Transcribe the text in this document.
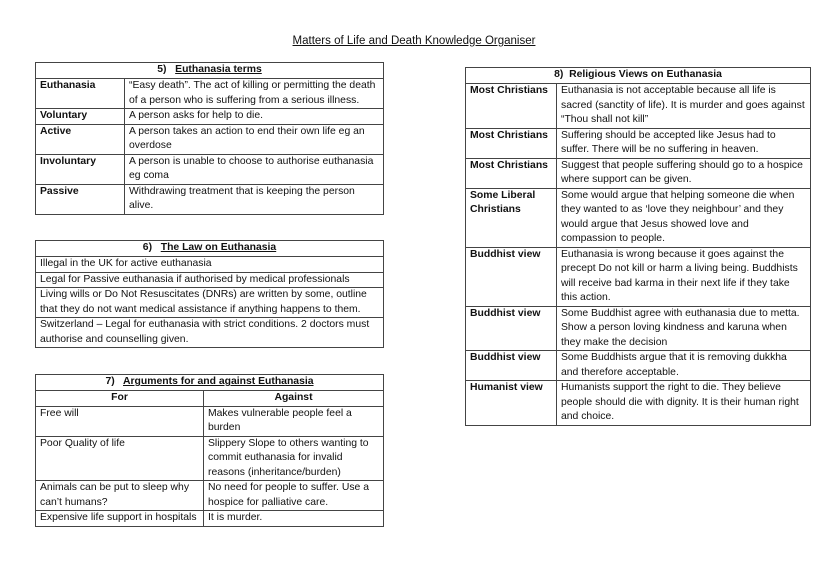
Matters of Life and Death Knowledge Organiser
5) Euthanasia terms	
Euthanasia	“Easy death”. The act of killing or permitting the death of a person who is suffering from a serious illness.
Voluntary	A person asks for help to die.
Active	A person takes an action to end their own life eg an overdose
Involuntary	A person is unable to choose to authorise euthanasia eg coma
Passive	Withdrawing treatment that is keeping the person alive.
6) The Law on Euthanasia
Illegal in the UK for active euthanasia
Legal for Passive euthanasia if authorised by medical professionals
Living wills or Do Not Resuscitates (DNRs) are written by some, outline that they do not want medical assistance if anything happens to them.
Switzerland – Legal for euthanasia with strict conditions. 2 doctors must authorise and counselling given.
7) Arguments for and against Euthanasia	
For	Against
Free will	Makes vulnerable people feel a burden
Poor Quality of life	Slippery Slope to others wanting to commit euthanasia for invalid reasons (inheritance/burden)
Animals can be put to sleep why can’t humans?	No need for people to suffer. Use a hospice for palliative care.
Expensive life support in hospitals	It is murder.
8) Religious Views on Euthanasia	
Most Christians	Euthanasia is not acceptable because all life is sacred (sanctity of life). It is murder and goes against “Thou shall not kill”
Most Christians	Suffering should be accepted like Jesus had to suffer. There will be no suffering in heaven.
Most Christians	Suggest that people suffering should go to a hospice where support can be given.
Some Liberal Christians	Some would argue that helping someone die when they wanted to as ‘love they neighbour’ and they would argue that Jesus showed love and compassion to people.
Buddhist view	Euthanasia is wrong because it goes against the precept Do not kill or harm a living being. Buddhists will receive bad karma in their next life if they take this action.
Buddhist view	Some Buddhist agree with euthanasia due to metta. Show a person loving kindness and karuna when they make the decision
Buddhist view	Some Buddhists argue that it is removing dukkha and therefore acceptable.
Humanist view	Humanists support the right to die. They believe people should die with dignity. It is their human right and choice.
